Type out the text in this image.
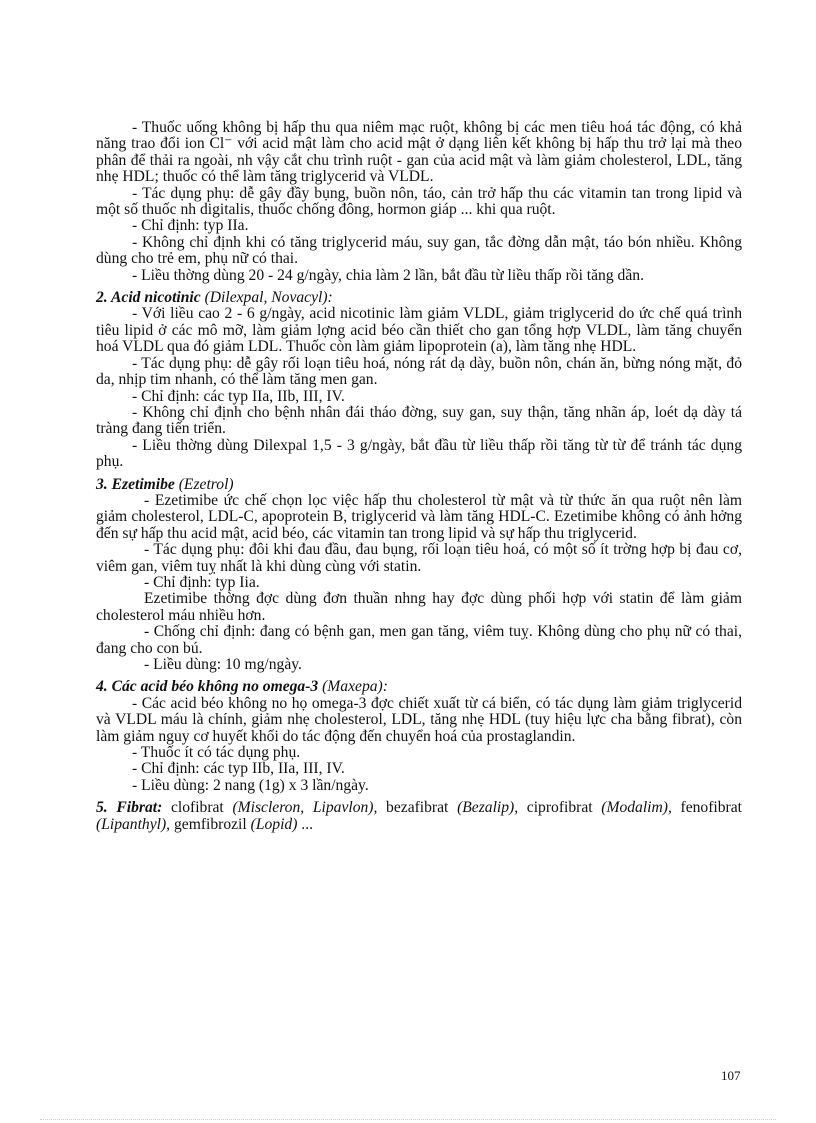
- Thuốc uống không bị hấp thu qua niêm mạc ruột, không bị các men tiêu hoá tác động, có khả năng trao đổi ion Cl⁻ với acid mật làm cho acid mật ở dạng liên kết không bị hấp thu trở lại mà theo phân để thải ra ngoài, nh vậy cắt chu trình ruột - gan của acid mật và làm giảm cholesterol, LDL, tăng nhẹ HDL; thuốc có thể làm tăng triglycerid và VLDL.

- Tác dụng phụ: dễ gây đầy bụng, buồn nôn, táo, cản trở hấp thu các vitamin tan trong lipid và một số thuốc nh digitalis, thuốc chống đông, hormon giáp ... khi qua ruột.

- Chỉ định: typ IIa.

- Không chỉ định khi có tăng triglycerid máu, suy gan, tắc đờng dẫn mật, táo bón nhiều. Không dùng cho trẻ em, phụ nữ có thai.

- Liều thờng dùng 20 - 24 g/ngày, chia làm 2 lần, bắt đầu từ liều thấp rồi tăng dần.

2. Acid nicotinic (Dilexpal, Novacyl):

- Với liều cao 2 - 6 g/ngày, acid nicotinic làm giảm VLDL, giảm triglycerid do ức chế quá trình tiêu lipid ở các mô mỡ, làm giảm lợng acid béo cần thiết cho gan tổng hợp VLDL, làm tăng chuyển hoá VLDL qua đó giảm LDL. Thuốc còn làm giảm lipoprotein (a), làm tăng nhẹ HDL.

- Tác dụng phụ: dễ gây rối loạn tiêu hoá, nóng rát dạ dày, buồn nôn, chán ăn, bừng nóng mặt, đỏ da, nhịp tim nhanh, có thể làm tăng men gan.

- Chỉ định: các typ IIa, IIb, III, IV.

- Không chỉ định cho bệnh nhân đái tháo đờng, suy gan, suy thận, tăng nhãn áp, loét dạ dày tá tràng đang tiến triển.

- Liều thờng dùng Dilexpal 1,5 - 3 g/ngày, bắt đầu từ liều thấp rồi tăng từ từ để tránh tác dụng phụ.

3. Ezetimibe (Ezetrol)

- Ezetimibe ức chế chọn lọc việc hấp thu cholesterol từ mật và từ thức ăn qua ruột nên làm giảm cholesterol, LDL-C, apoprotein B, triglycerid và làm tăng HDL-C. Ezetimibe không có ảnh hởng đến sự hấp thu acid mật, acid béo, các vitamin tan trong lipid và sự hấp thu triglycerid.

- Tác dụng phụ: đôi khi đau đầu, đau bụng, rối loạn tiêu hoá, có một số ít trờng hợp bị đau cơ, viêm gan, viêm tuỵ nhất là khi dùng cùng với statin.

- Chỉ định: typ Iia.

Ezetimibe thờng đợc dùng đơn thuần nhng hay đợc dùng phối hợp với statin để làm giảm cholesterol máu nhiều hơn.

- Chống chỉ định: đang có bệnh gan, men gan tăng, viêm tuỵ. Không dùng cho phụ nữ có thai, đang cho con bú.

- Liều dùng: 10 mg/ngày.

4. Các acid béo không no omega-3 (Maxepa):

- Các acid béo không no họ omega-3 đợc chiết xuất từ cá biển, có tác dụng làm giảm triglycerid và VLDL máu là chính, giảm nhẹ cholesterol, LDL, tăng nhẹ HDL (tuy hiệu lực cha bằng fibrat), còn làm giảm nguy cơ huyết khối do tác động đến chuyển hoá của prostaglandin.

- Thuốc ít có tác dụng phụ.

- Chỉ định: các typ IIb, IIa, III, IV.

- Liều dùng: 2 nang (1g) x 3 lần/ngày.

5. Fibrat: clofibrat (Miscleron, Lipavlon), bezafibrat (Bezalip), ciprofibrat (Modalim), fenofibrat (Lipanthyl), gemfibrozil (Lopid) ...

107
